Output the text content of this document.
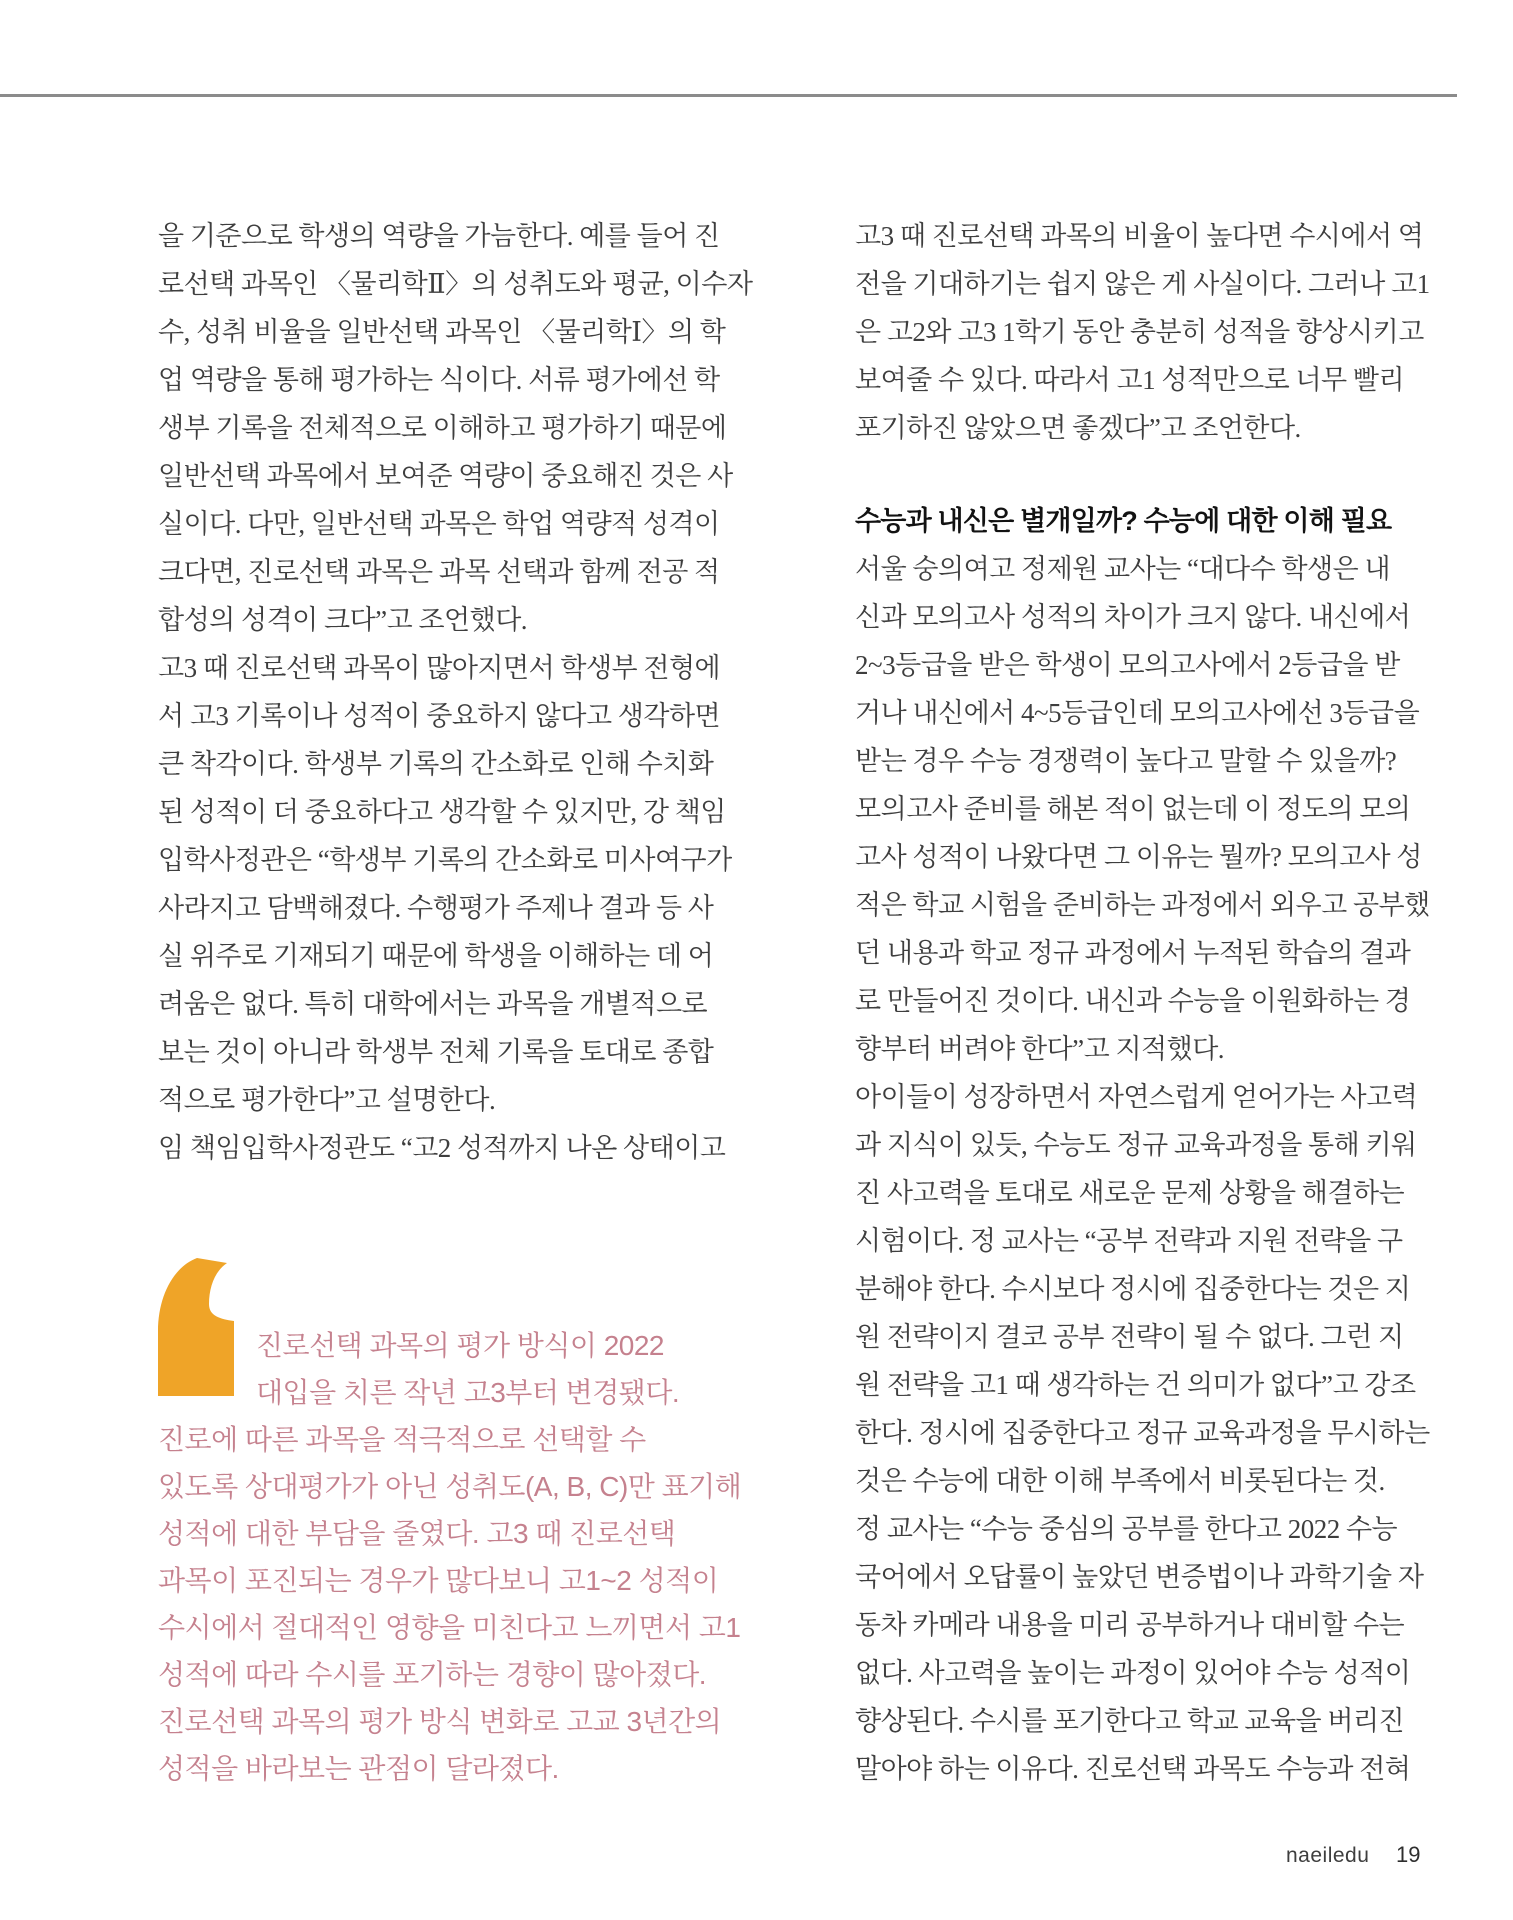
을 기준으로 학생의 역량을 가늠한다. 예를 들어 진
로선택 과목인 〈물리학Ⅱ〉의 성취도와 평균, 이수자
수, 성취 비율을 일반선택 과목인 〈물리학Ⅰ〉의 학
업 역량을 통해 평가하는 식이다. 서류 평가에선 학
생부 기록을 전체적으로 이해하고 평가하기 때문에
일반선택 과목에서 보여준 역량이 중요해진 것은 사
실이다. 다만, 일반선택 과목은 학업 역량적 성격이
크다면, 진로선택 과목은 과목 선택과 함께 전공 적
합성의 성격이 크다”고 조언했다.
고3 때 진로선택 과목이 많아지면서 학생부 전형에
서 고3 기록이나 성적이 중요하지 않다고 생각하면
큰 착각이다. 학생부 기록의 간소화로 인해 수치화
된 성적이 더 중요하다고 생각할 수 있지만, 강 책임
입학사정관은 “학생부 기록의 간소화로 미사여구가
사라지고 담백해졌다. 수행평가 주제나 결과 등 사
실 위주로 기재되기 때문에 학생을 이해하는 데 어
려움은 없다. 특히 대학에서는 과목을 개별적으로
보는 것이 아니라 학생부 전체 기록을 토대로 종합
적으로 평가한다”고 설명한다.
임 책임입학사정관도 “고2 성적까지 나온 상태이고
진로선택 과목의 평가 방식이 2022
대입을 치른 작년 고3부터 변경됐다.
진로에 따른 과목을 적극적으로 선택할 수
있도록 상대평가가 아닌 성취도(A, B, C)만 표기해
성적에 대한 부담을 줄였다. 고3 때 진로선택
과목이 포진되는 경우가 많다보니 고1~2 성적이
수시에서 절대적인 영향을 미친다고 느끼면서 고1
성적에 따라 수시를 포기하는 경향이 많아졌다.
진로선택 과목의 평가 방식 변화로 고교 3년간의
성적을 바라보는 관점이 달라졌다.
고3 때 진로선택 과목의 비율이 높다면 수시에서 역
전을 기대하기는 쉽지 않은 게 사실이다. 그러나 고1
은 고2와 고3 1학기 동안 충분히 성적을 향상시키고
보여줄 수 있다. 따라서 고1 성적만으로 너무 빨리
포기하진 않았으면 좋겠다”고 조언한다.
수능과 내신은 별개일까? 수능에 대한 이해 필요
서울 숭의여고 정제원 교사는 “대다수 학생은 내
신과 모의고사 성적의 차이가 크지 않다. 내신에서
2~3등급을 받은 학생이 모의고사에서 2등급을 받
거나 내신에서 4~5등급인데 모의고사에선 3등급을
받는 경우 수능 경쟁력이 높다고 말할 수 있을까?
모의고사 준비를 해본 적이 없는데 이 정도의 모의
고사 성적이 나왔다면 그 이유는 뭘까? 모의고사 성
적은 학교 시험을 준비하는 과정에서 외우고 공부했
던 내용과 학교 정규 과정에서 누적된 학습의 결과
로 만들어진 것이다. 내신과 수능을 이원화하는 경
향부터 버려야 한다”고 지적했다.
아이들이 성장하면서 자연스럽게 얻어가는 사고력
과 지식이 있듯, 수능도 정규 교육과정을 통해 키워
진 사고력을 토대로 새로운 문제 상황을 해결하는
시험이다. 정 교사는 “공부 전략과 지원 전략을 구
분해야 한다. 수시보다 정시에 집중한다는 것은 지
원 전략이지 결코 공부 전략이 될 수 없다. 그런 지
원 전략을 고1 때 생각하는 건 의미가 없다”고 강조
한다. 정시에 집중한다고 정규 교육과정을 무시하는
것은 수능에 대한 이해 부족에서 비롯된다는 것.
정 교사는 “수능 중심의 공부를 한다고 2022 수능
국어에서 오답률이 높았던 변증법이나 과학기술 자
동차 카메라 내용을 미리 공부하거나 대비할 수는
없다. 사고력을 높이는 과정이 있어야 수능 성적이
향상된다. 수시를 포기한다고 학교 교육을 버리진
말아야 하는 이유다. 진로선택 과목도 수능과 전혀
naeiledu 19
